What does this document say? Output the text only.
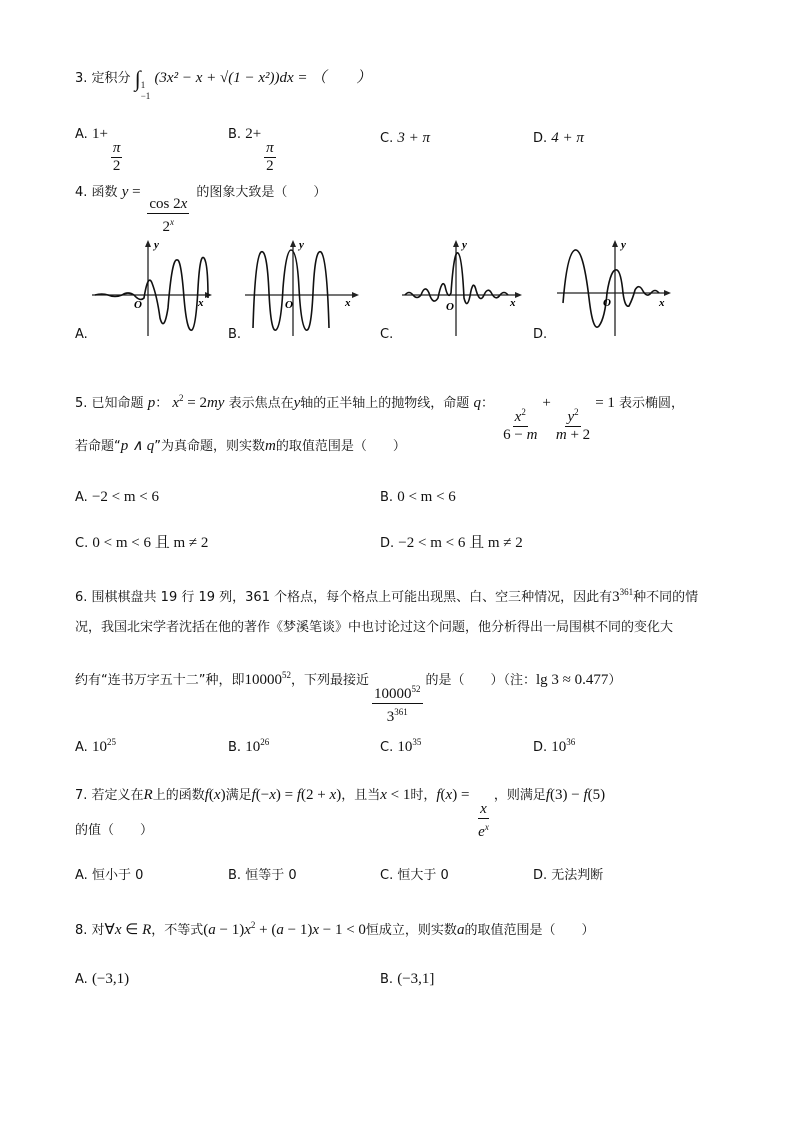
3. 定积分 ∫ 1
−1
(3x² − x + √(1 − x²))dx = （　　）
A. 1+
$\frac{\pi}{2}$
B. 2+
$\frac{\pi}{2}$
C. 3 + π	D. 4 + π
4. 函数 y =
$\frac{\cos 2x}{2^x}$
的图象大致是（　　）
y
x
O
A.
y
x
O
B.
y
x
O
C.
y
x
O
D.
5. 已知命题 p： $x^2 = 2my$ 表示焦点在y轴的正半轴上的抛物线，命题 q：
$\frac{x^2}{6 - m}$
+
$\frac{y^2}{m + 2}$
= 1 表示椭圆，
若命题“p ∧ q”为真命题，则实数m的取值范围是（　　）
A. −2 < m < 6	B. 0 < m < 6
C. 0 < m < 6 且 m ≠ 2	D. −2 < m < 6 且 m ≠ 2
6. 围棋棋盘共 19 行 19 列，361 个格点，每个格点上可能出现黑、白、空三种情况，因此有$3^{361}$种不同的情
况，我国北宋学者沈括在他的著作《梦溪笔谈》中也讨论过这个问题，他分析得出一局围棋不同的变化大
约有“连书万字五十二”种，即10000$^{52}$，下列最接近
$\frac{10000^{52}}{3^{361}}$
的是（　　）（注：lg 3 ≈ 0.477）
A. $10^{25}$	B. $10^{26}$	C. $10^{35}$	D. $10^{36}$
7. 若定义在R上的函数f(x)满足f(−x) = f(2 + x)，且当x < 1时，f(x) =
$\frac{x}{e^x}$
，则满足f(3) − f(5)
的值（　　）
A. 恒小于 0	B. 恒等于 0	C. 恒大于 0	D. 无法判断
8. 对∀x ∈ R，不等式$(a - 1)x^2 + (a - 1)x - 1 < 0$恒成立，则实数a的取值范围是（　　）
A. (−3,1)	B. (−3,1]
